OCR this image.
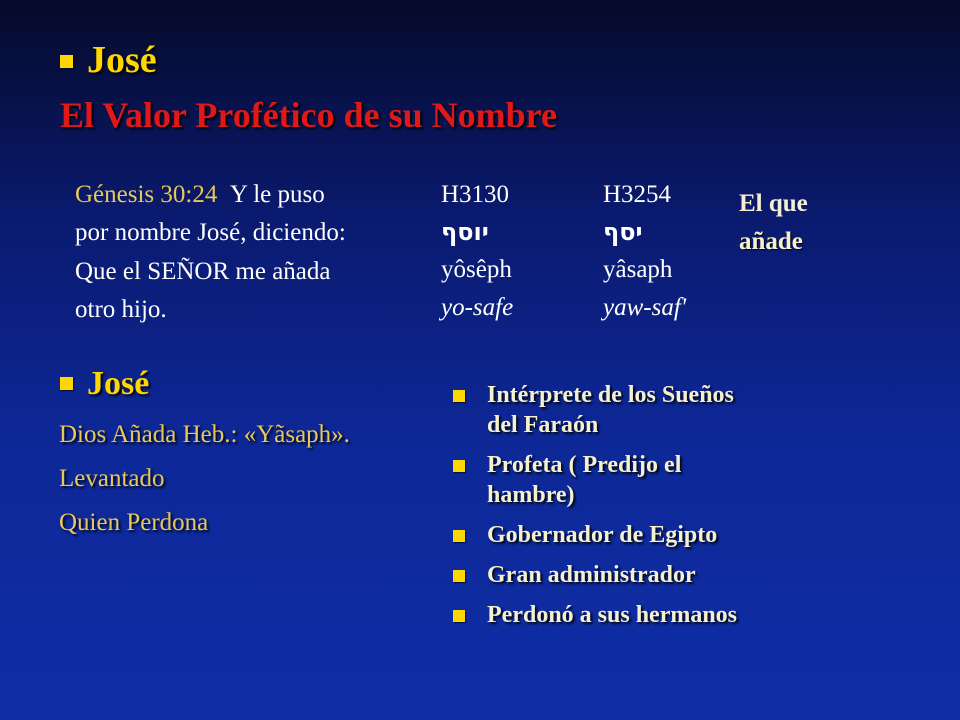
José
El Valor Profético de su Nombre
Génesis 30:24 Y le puso
por nombre José, diciendo:
Que el SEÑOR me añada
otro hijo.
H3130
יוסף
yôsêph
yo-safe
H3254
יסף
yâsaph
yaw-saf'
El que
añade
José
Dios Añada Heb.: «Yãsaph».
Levantado
Quien Perdona
Intérprete de los Sueños
del Faraón
Profeta ( Predijo el
hambre)
Gobernador de Egipto
Gran administrador
Perdonó a sus hermanos
